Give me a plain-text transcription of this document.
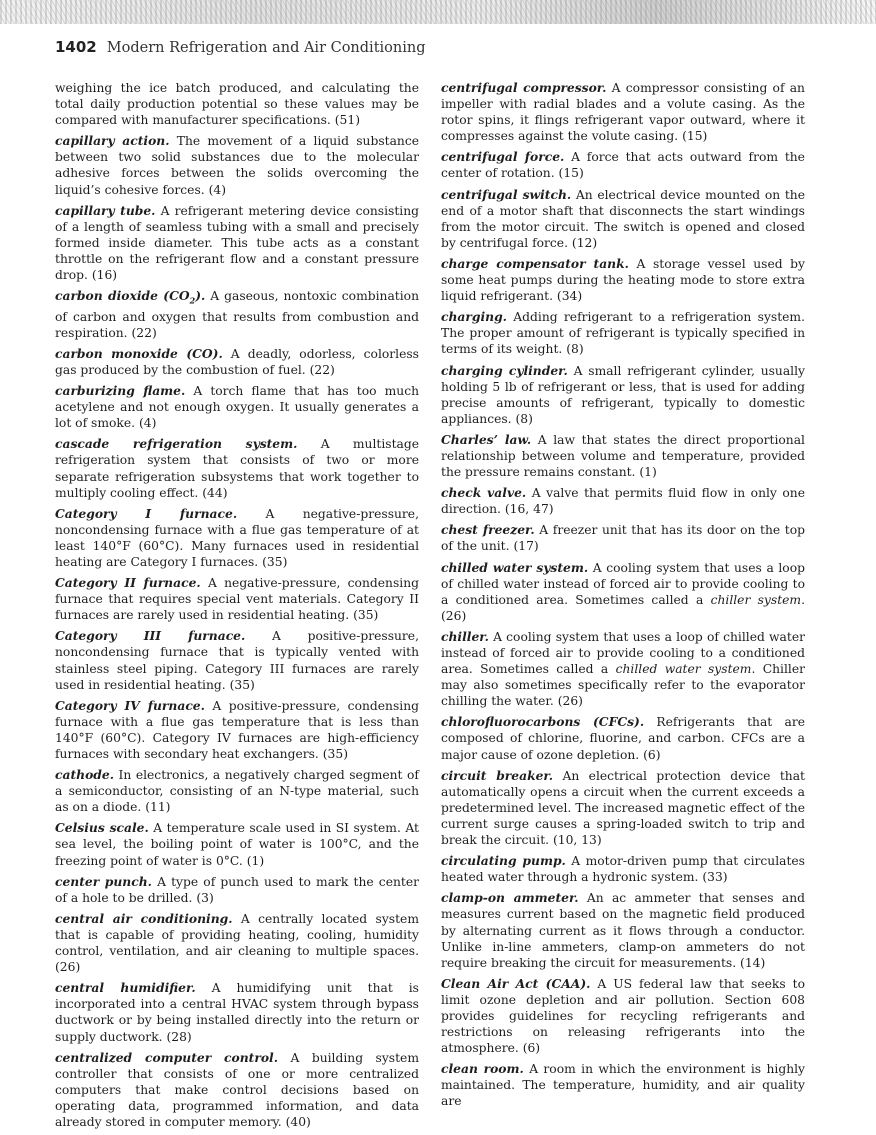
1402 Modern Refrigeration and Air Conditioning

weighing the ice batch produced, and calculating the total daily production potential so these values may be compared with manufacturer specifications. (51)

capillary action. The movement of a liquid substance between two solid substances due to the molecular adhesive forces between the solids overcoming the liquid’s cohesive forces. (4)

capillary tube. A refrigerant metering device consisting of a length of seamless tubing with a small and precisely formed inside diameter. This tube acts as a constant throttle on the refrigerant flow and a constant pressure drop. (16)

carbon dioxide $(CO_2)$. A gaseous, nontoxic combination of carbon and oxygen that results from combustion and respiration. (22)

carbon monoxide (CO). A deadly, odorless, colorless gas produced by the combustion of fuel. (22)

carburizing flame. A torch flame that has too much acetylene and not enough oxygen. It usually generates a lot of smoke. (4)

cascade refrigeration system. A multistage refrigeration system that consists of two or more separate refrigeration subsystems that work together to multiply cooling effect. (44)

Category I furnace. A negative-pressure, noncondensing furnace with a flue gas temperature of at least 140°F (60°C). Many furnaces used in residential heating are Category I furnaces. (35)

Category II furnace. A negative-pressure, condensing furnace that requires special vent materials. Category II furnaces are rarely used in residential heating. (35)

Category III furnace. A positive-pressure, noncondensing furnace that is typically vented with stainless steel piping. Category III furnaces are rarely used in residential heating. (35)

Category IV furnace. A positive-pressure, condensing furnace with a flue gas temperature that is less than 140°F (60°C). Category IV furnaces are high-efficiency furnaces with secondary heat exchangers. (35)

cathode. In electronics, a negatively charged segment of a semiconductor, consisting of an N-type material, such as on a diode. (11)

Celsius scale. A temperature scale used in SI system. At sea level, the boiling point of water is 100°C, and the freezing point of water is 0°C. (1)

center punch. A type of punch used to mark the center of a hole to be drilled. (3)

central air conditioning. A centrally located system that is capable of providing heating, cooling, humidity control, ventilation, and air cleaning to multiple spaces. (26)

central humidifier. A humidifying unit that is incorporated into a central HVAC system through bypass ductwork or by being installed directly into the return or supply ductwork. (28)

centralized computer control. A building system controller that consists of one or more centralized computers that make control decisions based on operating data, programmed information, and data already stored in computer memory. (40)

centrifugal compressor. A compressor consisting of an impeller with radial blades and a volute casing. As the rotor spins, it flings refrigerant vapor outward, where it compresses against the volute casing. (15)

centrifugal force. A force that acts outward from the center of rotation. (15)

centrifugal switch. An electrical device mounted on the end of a motor shaft that disconnects the start windings from the motor circuit. The switch is opened and closed by centrifugal force. (12)

charge compensator tank. A storage vessel used by some heat pumps during the heating mode to store extra liquid refrigerant. (34)

charging. Adding refrigerant to a refrigeration system. The proper amount of refrigerant is typically specified in terms of its weight. (8)

charging cylinder. A small refrigerant cylinder, usually holding 5 lb of refrigerant or less, that is used for adding precise amounts of refrigerant, typically to domestic appliances. (8)

Charles’ law. A law that states the direct proportional relationship between volume and temperature, provided the pressure remains constant. (1)

check valve. A valve that permits fluid flow in only one direction. (16, 47)

chest freezer. A freezer unit that has its door on the top of the unit. (17)

chilled water system. A cooling system that uses a loop of chilled water instead of forced air to provide cooling to a conditioned area. Sometimes called a chiller system. (26)

chiller. A cooling system that uses a loop of chilled water instead of forced air to provide cooling to a conditioned area. Sometimes called a chilled water system. Chiller may also sometimes specifically refer to the evaporator chilling the water. (26)

chlorofluorocarbons (CFCs). Refrigerants that are composed of chlorine, fluorine, and carbon. CFCs are a major cause of ozone depletion. (6)

circuit breaker. An electrical protection device that automatically opens a circuit when the current exceeds a predetermined level. The increased magnetic effect of the current surge causes a spring-loaded switch to trip and break the circuit. (10, 13)

circulating pump. A motor-driven pump that circulates heated water through a hydronic system. (33)

clamp-on ammeter. An ac ammeter that senses and measures current based on the magnetic field produced by alternating current as it flows through a conductor. Unlike in-line ammeters, clamp-on ammeters do not require breaking the circuit for measurements. (14)

Clean Air Act (CAA). A US federal law that seeks to limit ozone depletion and air pollution. Section 608 provides guidelines for recycling refrigerants and restrictions on releasing refrigerants into the atmosphere. (6)

clean room. A room in which the environment is highly maintained. The temperature, humidity, and air quality are
